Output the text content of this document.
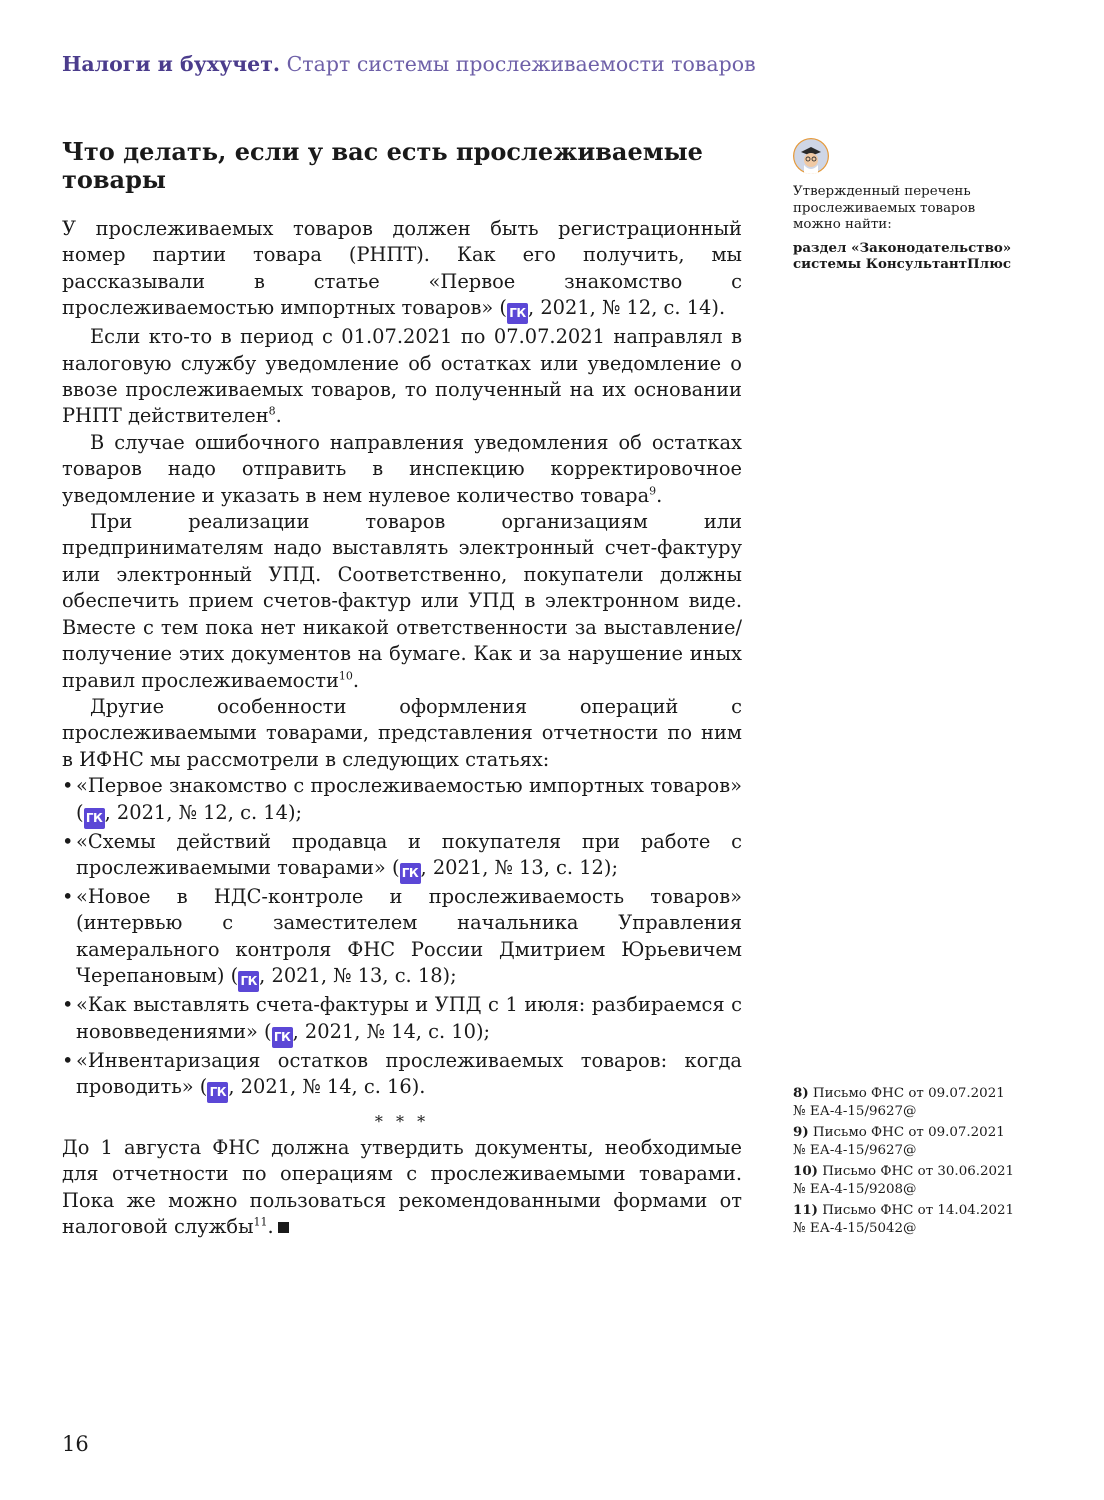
Налоги и бухучет. Старт системы прослеживаемости товаров
Что делать, если у вас есть прослеживаемые
товары

У прослеживаемых товаров должен быть регистрационный номер партии товара (РНПТ). Как его получить, мы рассказывали в статье «Первое знакомство с прослеживаемостью импортных товаров» ( ГК , 2021, № 12, с. 14).

Если кто-то в период с 01.07.2021 по 07.07.2021 направлял в налоговую службу уведомление об остатках или уведомление о ввозе прослеживаемых товаров, то полученный на их основании РНПТ действителен$^8$.

В случае ошибочного направления уведомления об остатках товаров надо отправить в инспекцию корректировочное уведомление и указать в нем нулевое количество товара$^9$.

При реализации товаров организациям или предпринимателям надо выставлять электронный счет-фактуру или электронный УПД. Соответственно, покупатели должны обеспечить прием счетов-фактур или УПД в электронном виде. Вместе с тем пока нет никакой ответственности за выставление/получение этих документов на бумаге. Как и за нарушение иных правил прослеживаемости$^{10}$.

Другие особенности оформления операций с прослеживаемыми товарами, представления отчетности по ним в ИФНС мы рассмотрели в следующих статьях:

• «Первое знакомство с прослеживаемостью импортных товаров» ( ГК , 2021, № 12, с. 14);
• «Схемы действий продавца и покупателя при работе с прослеживаемыми товарами» ( ГК , 2021, № 13, с. 12);
• «Новое в НДС-контроле и прослеживаемость товаров» (интервью с заместителем начальника Управления камерального контроля ФНС России Дмитрием Юрьевичем Черепановым) ( ГК , 2021, № 13, с. 18);
• «Как выставлять счета-фактуры и УПД с 1 июля: разбираемся с нововведениями» ( ГК , 2021, № 14, с. 10);
• «Инвентаризация остатков прослеживаемых товаров: когда проводить» ( ГК , 2021, № 14, с. 16).
* * *

До 1 августа ФНС должна утвердить документы, необходимые для отчетности по операциям с прослеживаемыми товарами. Пока же можно пользоваться рекомендованными формами от налоговой службы$^{11}$.

Утвержденный перечень
прослеживаемых товаров
можно найти:
раздел «Законодательство»
системы КонсультантПлюс
8) Письмо ФНС от 09.07.2021
№ ЕА-4-15/9627@
9) Письмо ФНС от 09.07.2021
№ ЕА-4-15/9627@
10) Письмо ФНС от 30.06.2021
№ ЕА-4-15/9208@
11) Письмо ФНС от 14.04.2021
№ ЕА-4-15/5042@
16
